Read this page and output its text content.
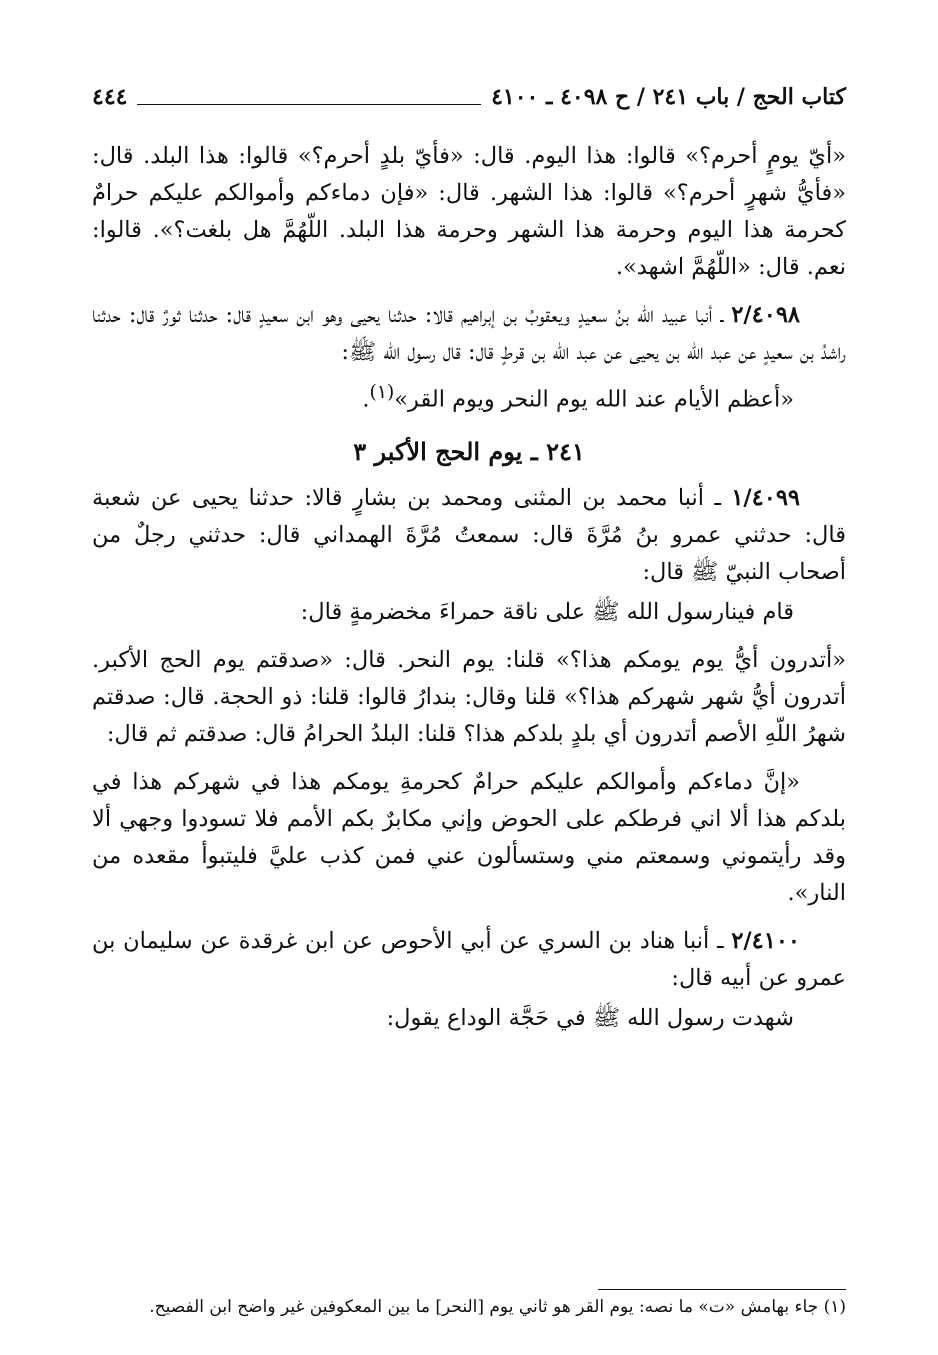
كتاب الحج / باب ٢٤١ / ح ٤٠٩٨ ـ ٤١٠٠
٤٤٤

«أيّ يومٍ أحرم؟» قالوا: هذا اليوم. قال: «فأيّ بلدٍ أحرم؟» قالوا: هذا البلد. قال: «فأيُّ شهرٍ أحرم؟» قالوا: هذا الشهر. قال: «فإن دماءكم وأموالكم عليكم حرامٌ كحرمة هذا اليوم وحرمة هذا الشهر وحرمة هذا البلد. اللّهُمَّ هل بلغت؟». قالوا: نعم. قال: «اللّهُمَّ اشهد».

٢/٤٠٩٨ ـ أنبا عبيد الله بنُ سعيدٍ ويعقوبُ بن إبراهيم قالا: حدثنا يحيى وهو ابن سعيدٍ قال: حدثنا ثورٌ قال: حدثنا راشدُ بن سعيدٍ عن عبد الله بن يحيى عن عبد الله بن قرطٍ قال: قال رسول الله ﷺ:

«أعظم الأيام عند الله يوم النحر ويوم القر»$^{(١)}$.

٢٤١ ـ يوم الحج الأكبر ٣

١/٤٠٩٩ ـ أنبا محمد بن المثنى ومحمد بن بشارٍ قالا: حدثنا يحيى عن شعبة قال: حدثني عمرو بنُ مُرَّةَ قال: سمعتُ مُرَّةَ الهمداني قال: حدثني رجلٌ من أصحاب النبيّ ﷺ قال:

قام فينارسول الله ﷺ على ناقة حمراءَ مخضرمةٍ قال:

«أتدرون أيُّ يوم يومكم هذا؟» قلنا: يوم النحر. قال: «صدقتم يوم الحج الأكبر. أتدرون أيُّ شهر شهركم هذا؟» قلنا وقال: بندارُ قالوا: قلنا: ذو الحجة. قال: صدقتم شهرُ اللّهِ الأصم أتدرون أي بلدٍ بلدكم هذا؟ قلنا: البلدُ الحرامُ قال: صدقتم ثم قال:

«إنَّ دماءكم وأموالكم عليكم حرامٌ كحرمةِ يومكم هذا في شهركم هذا في بلدكم هذا ألا اني فرطكم على الحوض وإني مكابرٌ بكم الأمم فلا تسودوا وجهي ألا وقد رأيتموني وسمعتم مني وستسألون عني فمن كذب عليَّ فليتبوأ مقعده من النار».

٢/٤١٠٠ ـ أنبا هناد بن السري عن أبي الأحوص عن ابن غرقدة عن سليمان بن عمرو عن أبيه قال:

شهدت رسول الله ﷺ في حَجَّة الوداع يقول:

(١) جاء بهامش «ت» ما نصه: يوم القر هو ثاني يوم [النحر] ما بين المعكوفين غير واضح ابن الفصيح.
